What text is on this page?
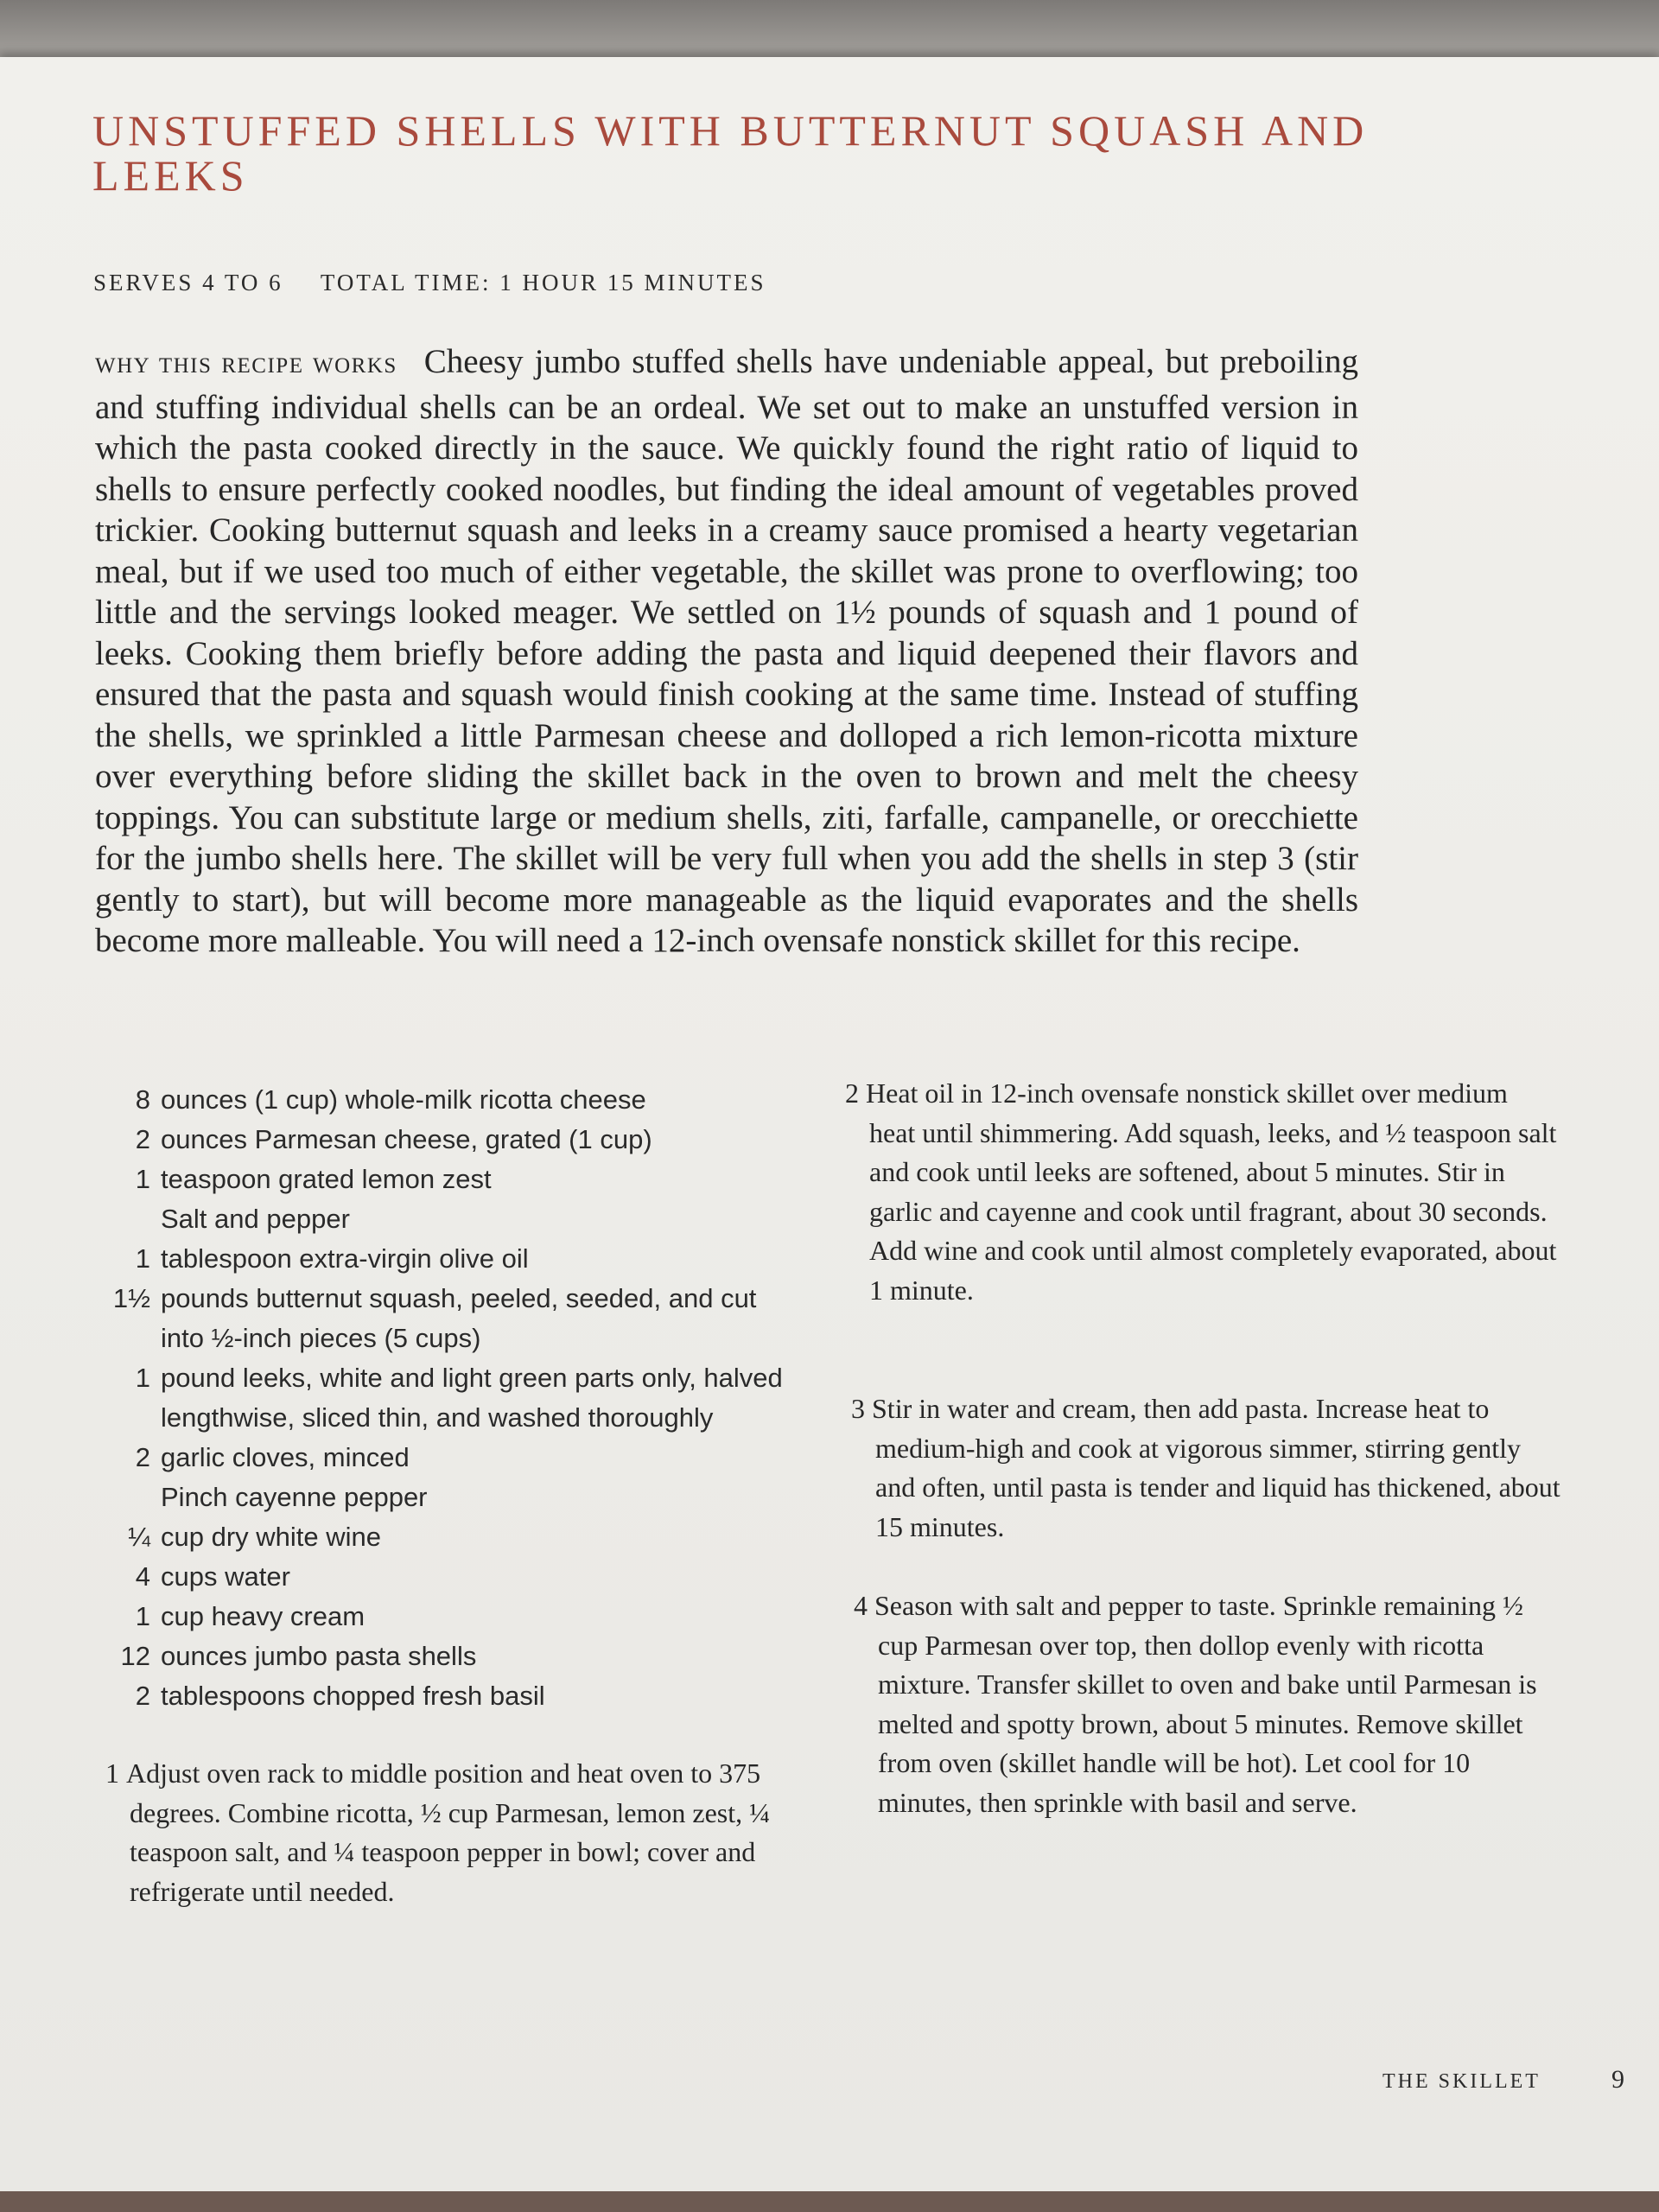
UNSTUFFED SHELLS WITH BUTTERNUT SQUASH AND LEEKS
SERVES 4 TO 6 TOTAL TIME: 1 HOUR 15 MINUTES

WHY THIS RECIPE WORKS Cheesy jumbo stuffed shells have undeniable appeal, but preboiling and stuffing individual shells can be an ordeal. We set out to make an unstuffed version in which the pasta cooked directly in the sauce. We quickly found the right ratio of liquid to shells to ensure perfectly cooked noodles, but finding the ideal amount of vegetables proved trickier. Cooking butternut squash and leeks in a creamy sauce promised a hearty vegetarian meal, but if we used too much of either vegetable, the skillet was prone to overflowing; too little and the servings looked meager. We settled on 1½ pounds of squash and 1 pound of leeks. Cooking them briefly before adding the pasta and liquid deepened their flavors and ensured that the pasta and squash would finish cooking at the same time. Instead of stuffing the shells, we sprinkled a little Parmesan cheese and dolloped a rich lemon-ricotta mixture over everything before sliding the skillet back in the oven to brown and melt the cheesy toppings. You can substitute large or medium shells, ziti, farfalle, campanelle, or orecchiette for the jumbo shells here. The skillet will be very full when you add the shells in step 3 (stir gently to start), but will become more manageable as the liquid evaporates and the shells become more malleable. You will need a 12-inch ovensafe nonstick skillet for this recipe.

8 ounces (1 cup) whole-milk ricotta cheese
2 ounces Parmesan cheese, grated (1 cup)
1 teaspoon grated lemon zest
Salt and pepper
1 tablespoon extra-virgin olive oil
1½ pounds butternut squash, peeled, seeded, and cut into ½-inch pieces (5 cups)
1 pound leeks, white and light green parts only, halved lengthwise, sliced thin, and washed thoroughly
2 garlic cloves, minced
Pinch cayenne pepper
¼ cup dry white wine
4 cups water
1 cup heavy cream
12 ounces jumbo pasta shells
2 tablespoons chopped fresh basil

1 Adjust oven rack to middle position and heat oven to 375 degrees. Combine ricotta, ½ cup Parmesan, lemon zest, ¼ teaspoon salt, and ¼ teaspoon pepper in bowl; cover and refrigerate until needed.

2 Heat oil in 12-inch ovensafe nonstick skillet over medium heat until shimmering. Add squash, leeks, and ½ teaspoon salt and cook until leeks are softened, about 5 minutes. Stir in garlic and cayenne and cook until fragrant, about 30 seconds. Add wine and cook until almost completely evaporated, about 1 minute.

3 Stir in water and cream, then add pasta. Increase heat to medium-high and cook at vigorous simmer, stirring gently and often, until pasta is tender and liquid has thickened, about 15 minutes.

4 Season with salt and pepper to taste. Sprinkle remaining ½ cup Parmesan over top, then dollop evenly with ricotta mixture. Transfer skillet to oven and bake until Parmesan is melted and spotty brown, about 5 minutes. Remove skillet from oven (skillet handle will be hot). Let cool for 10 minutes, then sprinkle with basil and serve.

THE SKILLET	9
